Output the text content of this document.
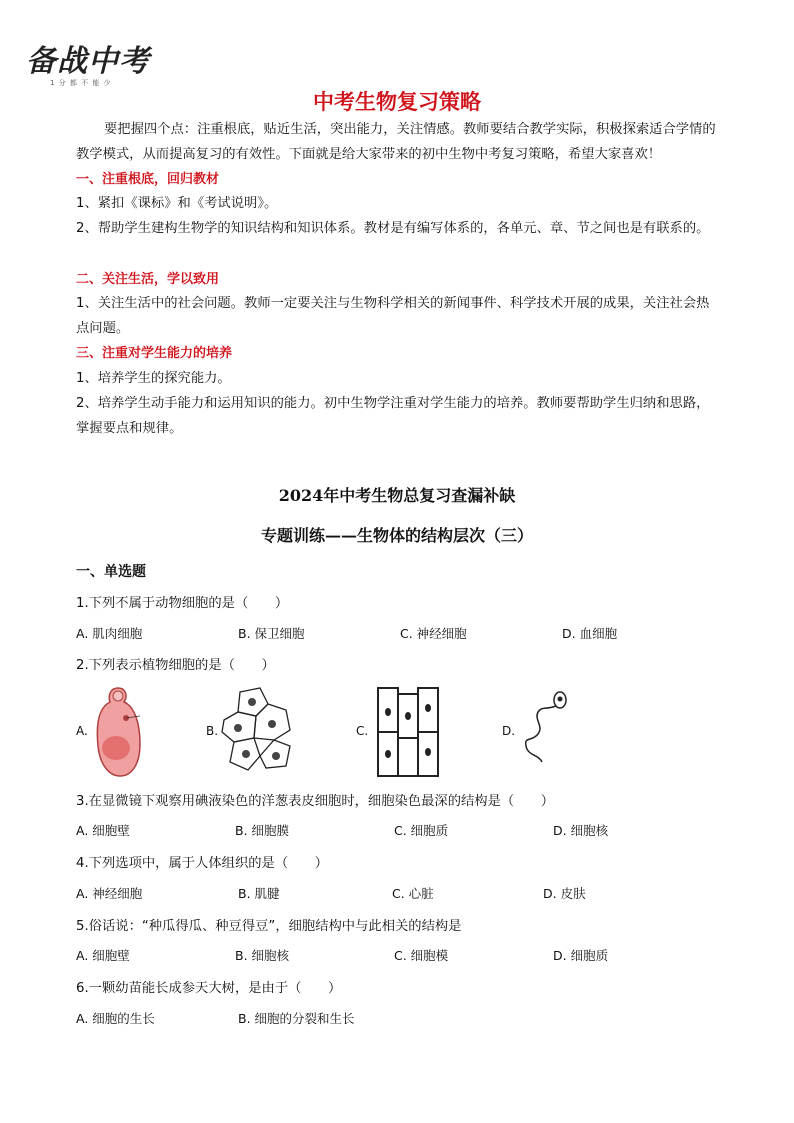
备战中考
1 分 都 不 能 少
中考生物复习策略
要把握四个点：注重根底，贴近生活，突出能力，关注情感。教师要结合教学实际，积极探索适合学情的教学模式，从而提高复习的有效性。下面就是给大家带来的初中生物中考复习策略，希望大家喜欢！
一、注重根底，回归教材
1、紧扣《课标》和《考试说明》。
2、帮助学生建构生物学的知识结构和知识体系。教材是有编写体系的，各单元、章、节之间也是有联系的。
二、关注生活，学以致用
1、关注生活中的社会问题。教师一定要关注与生物科学相关的新闻事件、科学技术开展的成果，关注社会热点问题。
三、注重对学生能力的培养
1、培养学生的探究能力。
2、培养学生动手能力和运用知识的能力。初中生物学注重对学生能力的培养。教师要帮助学生归纳和思路，掌握要点和规律。
2024年中考生物总复习查漏补缺
专题训练——生物体的结构层次（三）
一、单选题
1.下列不属于动物细胞的是（　　）
A. 肌肉细胞	B. 保卫细胞	C. 神经细胞	D. 血细胞
2.下列表示植物细胞的是（　　）
A.	B.	C.	D.
3.在显微镜下观察用碘液染色的洋葱表皮细胞时，细胞染色最深的结构是（　　）
A. 细胞壁	B. 细胞膜	C. 细胞质	D. 细胞核
4.下列选项中，属于人体组织的是（　　）
A. 神经细胞	B. 肌腱	C. 心脏	D. 皮肤
5.俗话说：“种瓜得瓜、种豆得豆”，细胞结构中与此相关的结构是
A. 细胞壁	B. 细胞核	C. 细胞模	D. 细胞质
6.一颗幼苗能长成参天大树，是由于（　　）
A. 细胞的生长	B. 细胞的分裂和生长
